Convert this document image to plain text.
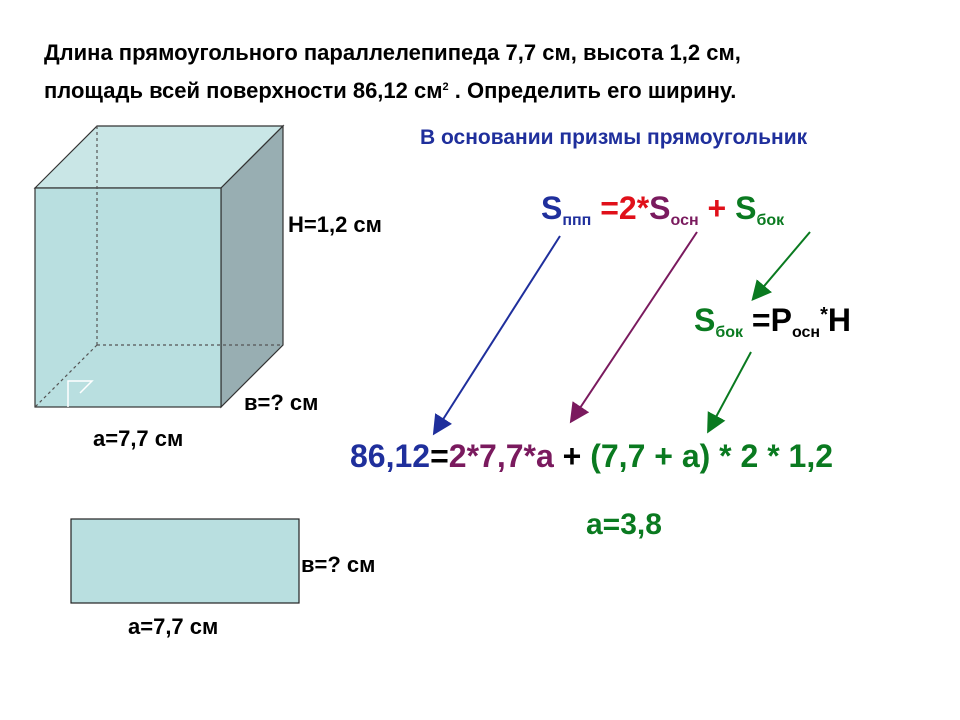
Длина прямоугольного параллелепипеда 7,7 см, высота 1,2 см,
площадь всей поверхности 86,12 $см^2$ . Определить его ширину.
В основании призмы прямоугольник
Н=1,2 см
в=? см
а=7,7 см
в=? см
а=7,7 см
$S_{ппп} =2*S_{осн} + S_{бок}$
$S_{бок} =Р_{осн}^*Н$
86,12=2*7,7*а + (7,7 + а) * 2 * 1,2
а=3,8
